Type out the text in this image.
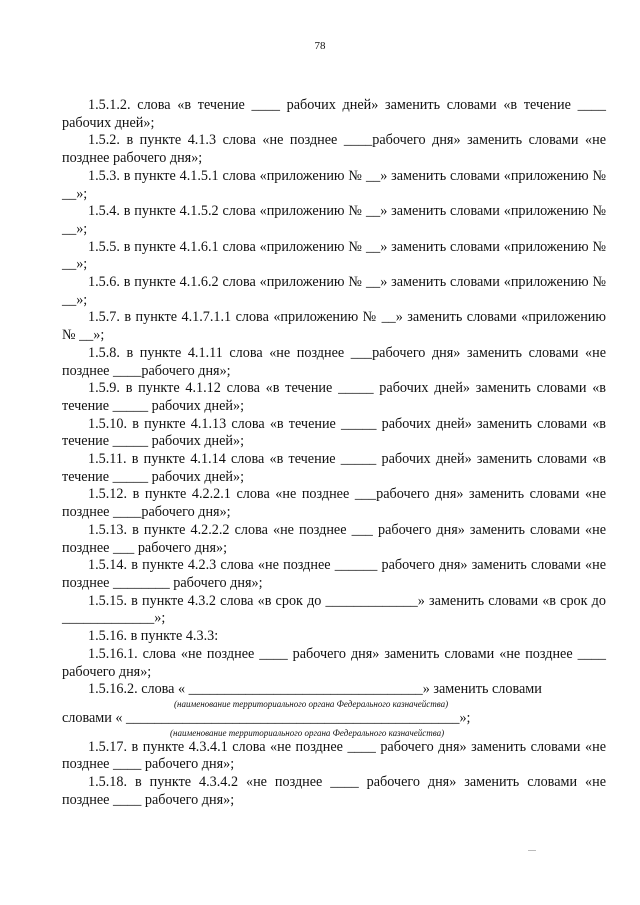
78

1.5.1.2. слова «в течение ____ рабочих дней» заменить словами «в течение ____ рабочих дней»;

1.5.2. в пункте 4.1.3 слова «не позднее ____рабочего дня» заменить словами «не позднее рабочего дня»;

1.5.3. в пункте 4.1.5.1 слова «приложению № __» заменить словами «приложению № __»;

1.5.4. в пункте 4.1.5.2 слова «приложению № __» заменить словами «приложению № __»;

1.5.5. в пункте 4.1.6.1 слова «приложению № __» заменить словами «приложению № __»;

1.5.6. в пункте 4.1.6.2 слова «приложению № __» заменить словами «приложению № __»;

1.5.7. в пункте 4.1.7.1.1 слова «приложению № __» заменить словами «приложению № __»;

1.5.8. в пункте 4.1.11 слова «не позднее ___рабочего дня» заменить словами «не позднее ____рабочего дня»;

1.5.9. в пункте 4.1.12 слова «в течение _____ рабочих дней» заменить словами «в течение _____ рабочих дней»;

1.5.10. в пункте 4.1.13 слова «в течение _____ рабочих дней» заменить словами «в течение _____ рабочих дней»;

1.5.11. в пункте 4.1.14 слова «в течение _____ рабочих дней» заменить словами «в течение _____ рабочих дней»;

1.5.12. в пункте 4.2.2.1 слова «не позднее ___рабочего дня» заменить словами «не позднее ____рабочего дня»;

1.5.13. в пункте 4.2.2.2 слова «не позднее ___ рабочего дня» заменить словами «не позднее ___ рабочего дня»;

1.5.14. в пункте 4.2.3 слова «не позднее ______ рабочего дня» заменить словами «не позднее ________ рабочего дня»;

1.5.15. в пункте 4.3.2 слова «в срок до _____________» заменить словами «в срок до _____________»;

1.5.16. в пункте 4.3.3:

1.5.16.1. слова «не позднее ____ рабочего дня» заменить словами «не позднее ____ рабочего дня»;

1.5.16.2. слова « _________________________________» заменить словами

(наименование территориального органа Федерального казначейства)

словами « _______________________________________________»;

(наименование территориального органа Федерального казначейства)

1.5.17. в пункте 4.3.4.1 слова «не позднее ____ рабочего дня» заменить словами «не позднее ____ рабочего дня»;

1.5.18. в пункте 4.3.4.2 «не позднее ____ рабочего дня» заменить словами «не позднее ____ рабочего дня»;
